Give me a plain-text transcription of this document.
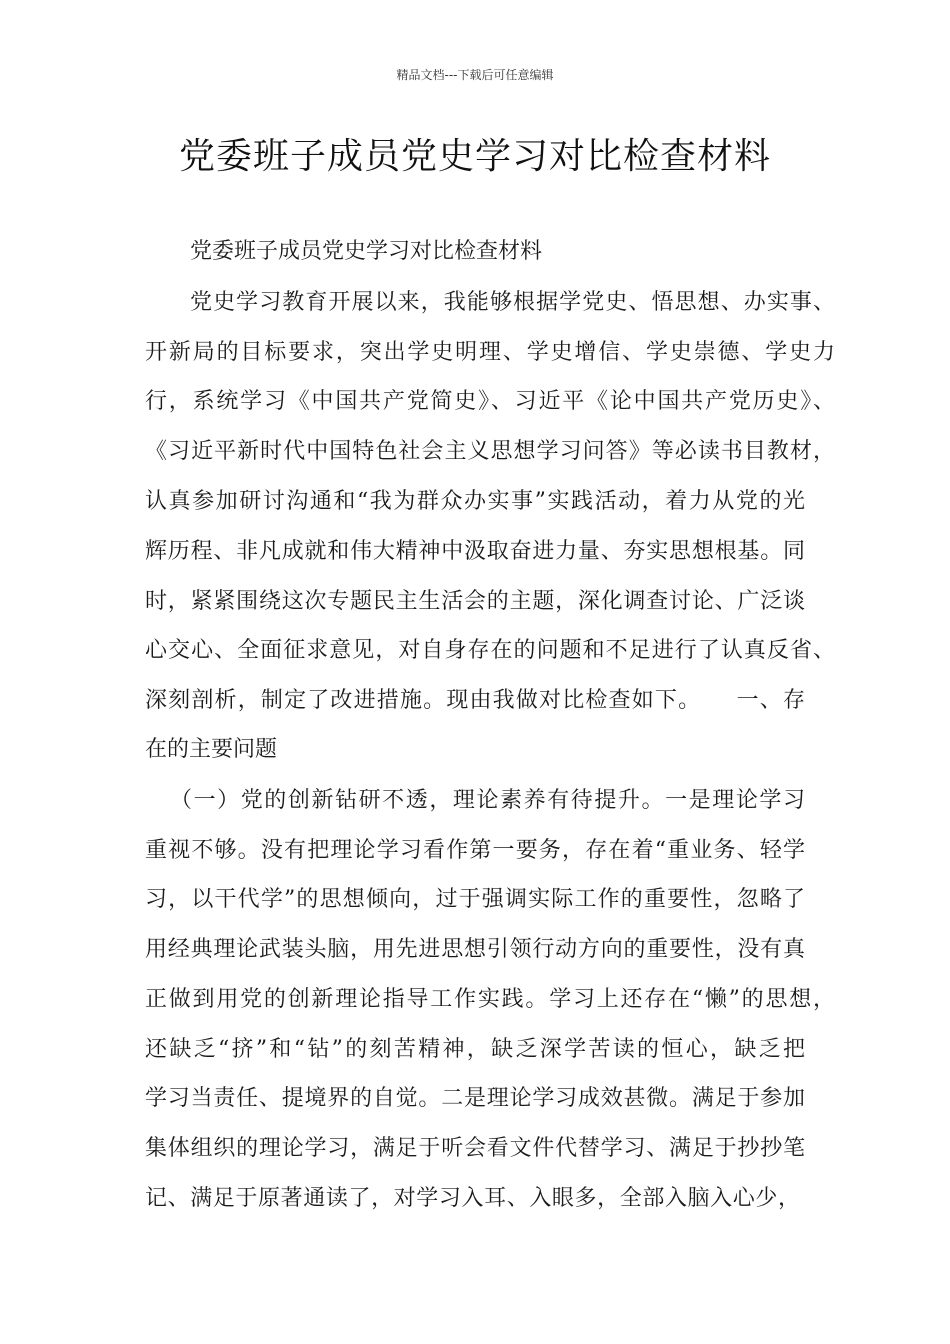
精品文档---下载后可任意编辑
党委班子成员党史学习对比检查材料
党委班子成员党史学习对比检查材料
党史学习教育开展以来，我能够根据学党史、悟思想、办实事、
开新局的目标要求，突出学史明理、学史增信、学史崇德、学史力
行，系统学习《中国共产党简史》、习近平《论中国共产党历史》、
《习近平新时代中国特色社会主义思想学习问答》等必读书目教材，
认真参加研讨沟通和“我为群众办实事”实践活动，着力从党的光
辉历程、非凡成就和伟大精神中汲取奋进力量、夯实思想根基。同
时，紧紧围绕这次专题民主生活会的主题，深化调查讨论、广泛谈
心交心、全面征求意见，对自身存在的问题和不足进行了认真反省、
深刻剖析，制定了改进措施。现由我做对比检查如下。　　一、存
在的主要问题
（一）党的创新钻研不透，理论素养有待提升。一是理论学习
重视不够。没有把理论学习看作第一要务，存在着“重业务、轻学
习，以干代学”的思想倾向，过于强调实际工作的重要性，忽略了
用经典理论武装头脑，用先进思想引领行动方向的重要性，没有真
正做到用党的创新理论指导工作实践。学习上还存在“懒”的思想，
还缺乏“挤”和“钻”的刻苦精神，缺乏深学苦读的恒心，缺乏把
学习当责任、提境界的自觉。二是理论学习成效甚微。满足于参加
集体组织的理论学习，满足于听会看文件代替学习、满足于抄抄笔
记、满足于原著通读了，对学习入耳、入眼多，全部入脑入心少，
